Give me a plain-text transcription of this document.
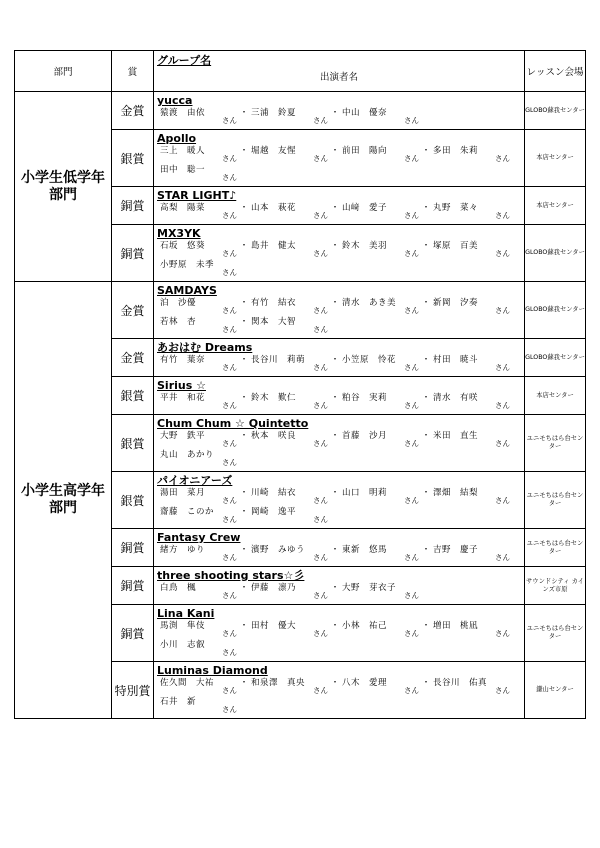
部門	賞	グループ名
出演者名	レッスン会場
小学生低学年部門	金賞	yucca
猿渡　由依さん・ 三浦　鈴夏さん・ 中山　優奈さん	GLOBO蘇我センター
	銀賞	Apollo
三上　暖人さん・ 堀越　友惺さん・ 前田　陽向さん・ 多田　朱莉さん
田中　聡一さん	本店センター
	銅賞	STAR LIGHT♪
高梨　陽菜さん・ 山本　萩花さん・ 山﨑　愛子さん・ 丸野　菜々さん	本店センター
	銅賞	MX3YK
石坂　悠葵さん・ 島井　健太さん・ 鈴木　美羽さん・ 塚原　百美さん
小野原　未季さん	GLOBO蘇我センター
小学生高学年部門	金賞	SAMDAYS
泊　沙優さん・ 有竹　結衣さん・ 清水　あき美さん・ 新岡　汐奏さん
若林　杏さん・ 関本　大智さん	GLOBO蘇我センター
	金賞	あおはむ Dreams
有竹　葉奈さん・ 長谷川　莉萌さん・ 小笠原　怜花さん・ 村田　暁斗さん	GLOBO蘇我センター
	銀賞	Sirius ☆
平井　和花さん・ 鈴木　歎仁さん・ 粕谷　実莉さん・ 清水　有咲さん	本店センター
	銀賞	Chum Chum ☆ Quintetto
大野　鉄平さん・ 秋本　咲良さん・ 首藤　沙月さん・ 米田　直生さん
丸山　あかりさん	ユニモちはら台センター
	銀賞	パイオニアーズ
湯田　菜月さん・ 川崎　結衣さん・ 山口　明莉さん・ 澤畑　結梨さん
齋藤　このかさん・ 岡崎　逸平さん	ユニモちはら台センター
	銅賞	Fantasy Crew
緒方　ゆりさん・ 濱野　みゆうさん・ 東新　悠馬さん・ 吉野　慶子さん	ユニモちはら台センター
	銅賞	three shooting stars☆彡
白鳥　楓さん・ 伊藤　凛乃さん・ 大野　芽衣子さん	サウンドシティ カインズ市原
	銅賞	Lina Kani
馬渕　隼伎さん・ 田村　優大さん・ 小林　祐己さん・ 増田　桃凪さん
小川　志叡さん	ユニモちはら台センター
	特別賞	Luminas Diamond
佐久間　大祐さん・ 和泉澤　真央さん・ 八木　愛理さん・ 長谷川　佑真さん
石井　新さん	鎌山センター
